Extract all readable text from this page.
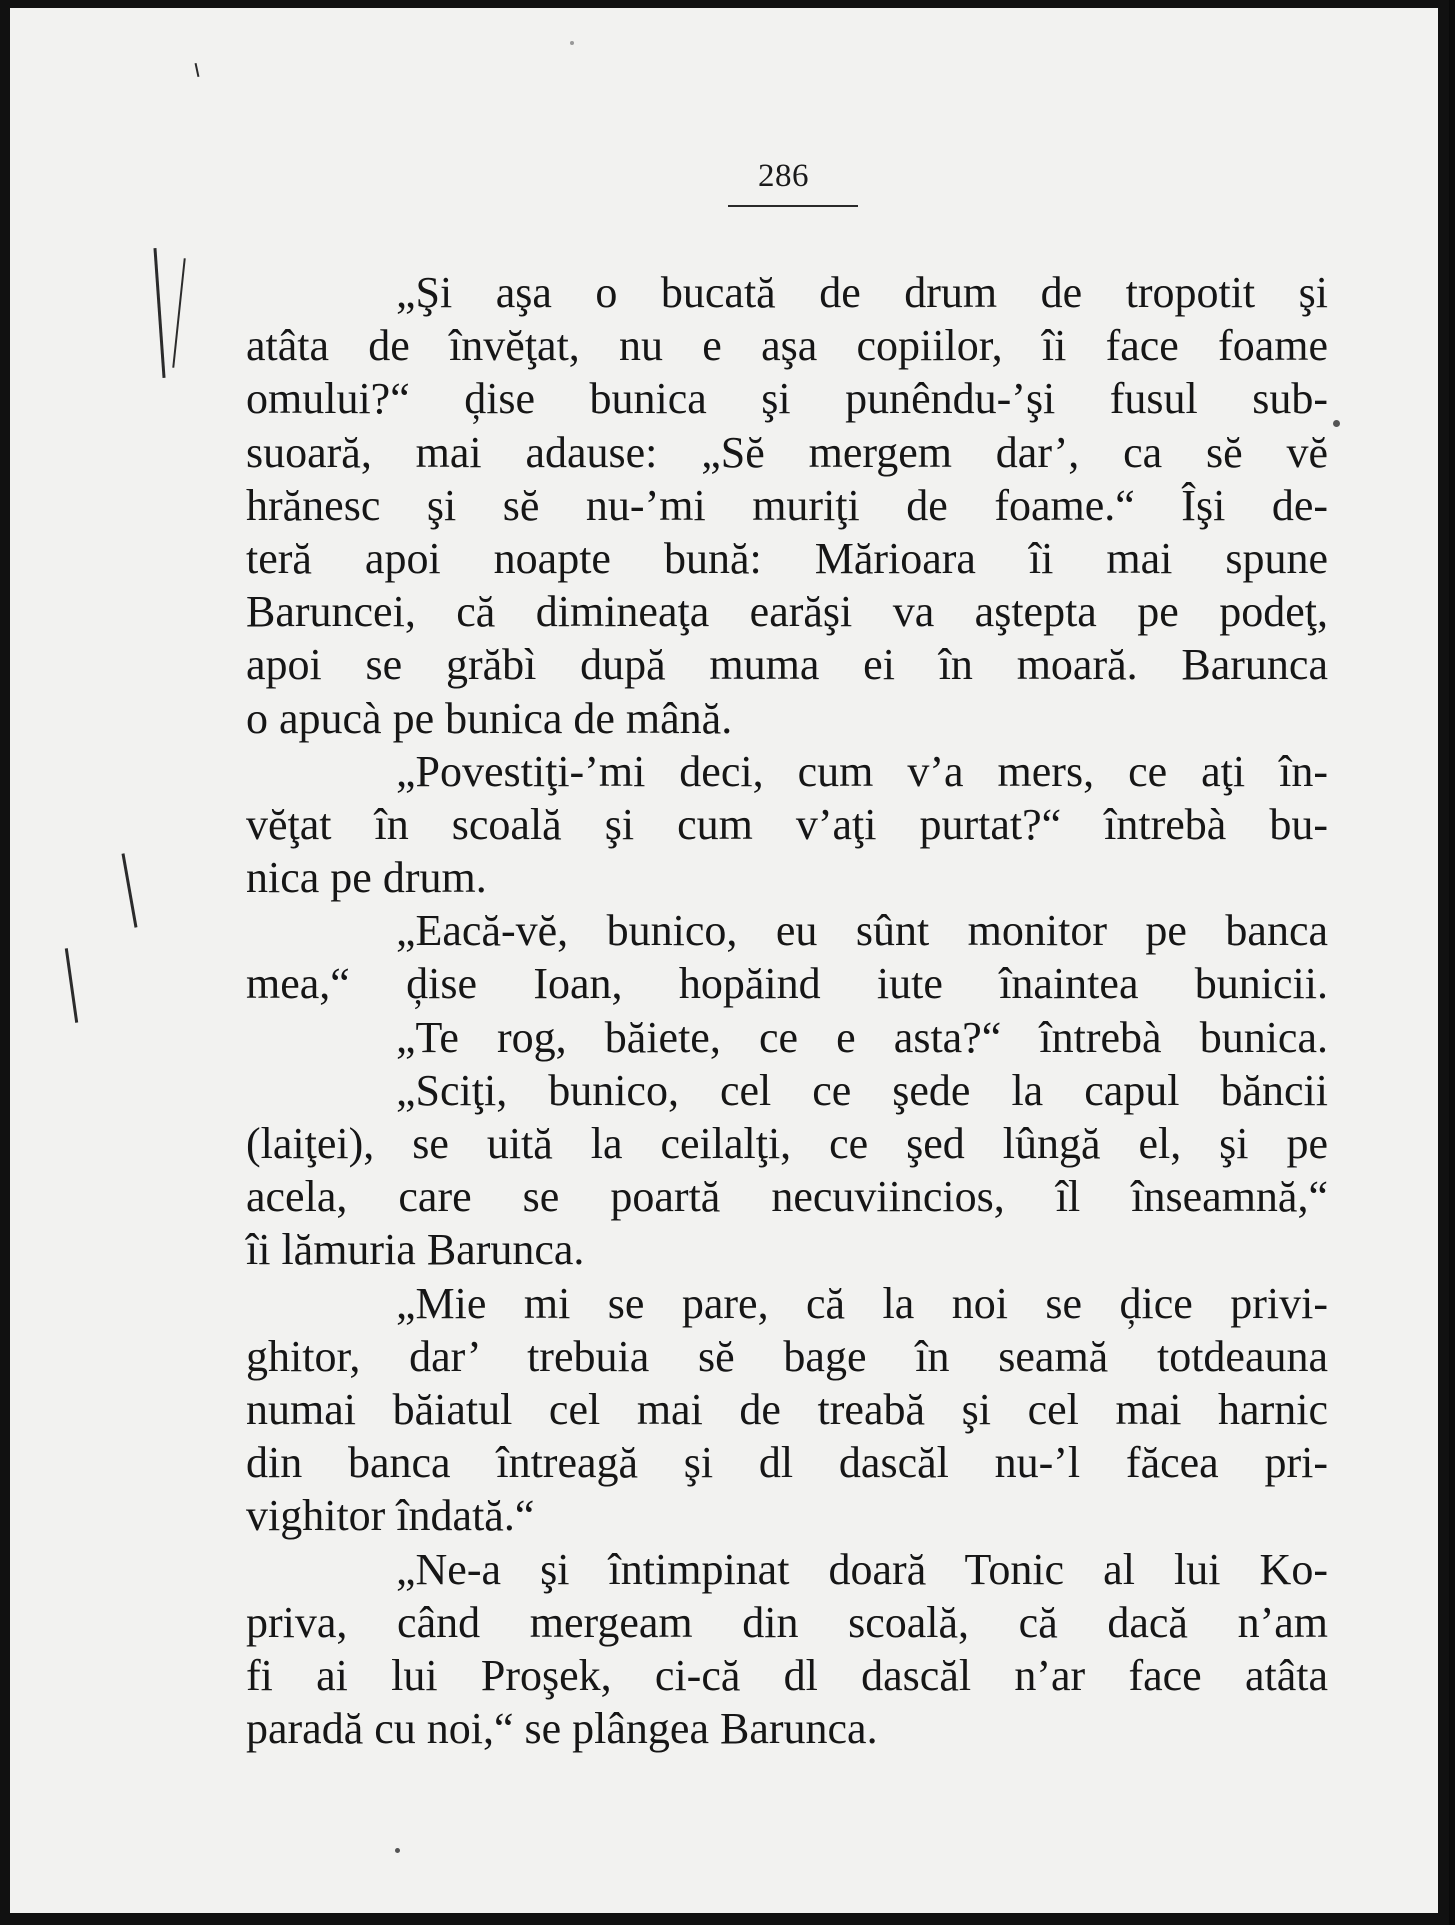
286
„Şi aşa o bucată de drum de tropotit şi
atâta de învĕţat, nu e aşa copiilor, îi face foame
omului?“ ḑise bunica şi punêndu-’şi fusul sub-
suoară, mai adause: „Sĕ mergem dar’, ca sĕ vĕ
hrănesc şi sĕ nu-’mi muriţi de foame.“ Îşi de-
teră apoi noapte bună: Mărioara îi mai spune
Baruncei, că dimineaţa earăşi va aştepta pe podeţ,
apoi se grăbì după muma ei în moară. Barunca
o apucà pe bunica de mână.
„Povestiţi-’mi deci, cum v’a mers, ce aţi în-
vĕţat în scoală şi cum v’aţi purtat?“ întrebà bu-
nica pe drum.
„Eacă-vĕ, bunico, eu sûnt monitor pe banca
mea,“ ḑise Ioan, hopăind iute înaintea bunicii.
„Te rog, băiete, ce e asta?“ întrebà bunica.
„Sciţi, bunico, cel ce şede la capul băncii
(laiţei), se uită la ceilalţi, ce şed lûngă el, şi pe
acela, care se poartă necuviincios, îl înseamnă,“
îi lămuria Barunca.
„Mie mi se pare, că la noi se ḑice privi-
ghitor, dar’ trebuia sĕ bage în seamă totdeauna
numai băiatul cel mai de treabă şi cel mai harnic
din banca întreagă şi dl dascăl nu-’l făcea pri-
vighitor îndată.“
„Ne-a şi întimpinat doară Tonic al lui Ko-
priva, când mergeam din scoală, că dacă n’am
fi ai lui Proşek, ci-că dl dascăl n’ar face atâta
paradă cu noi,“ se plângea Barunca.
